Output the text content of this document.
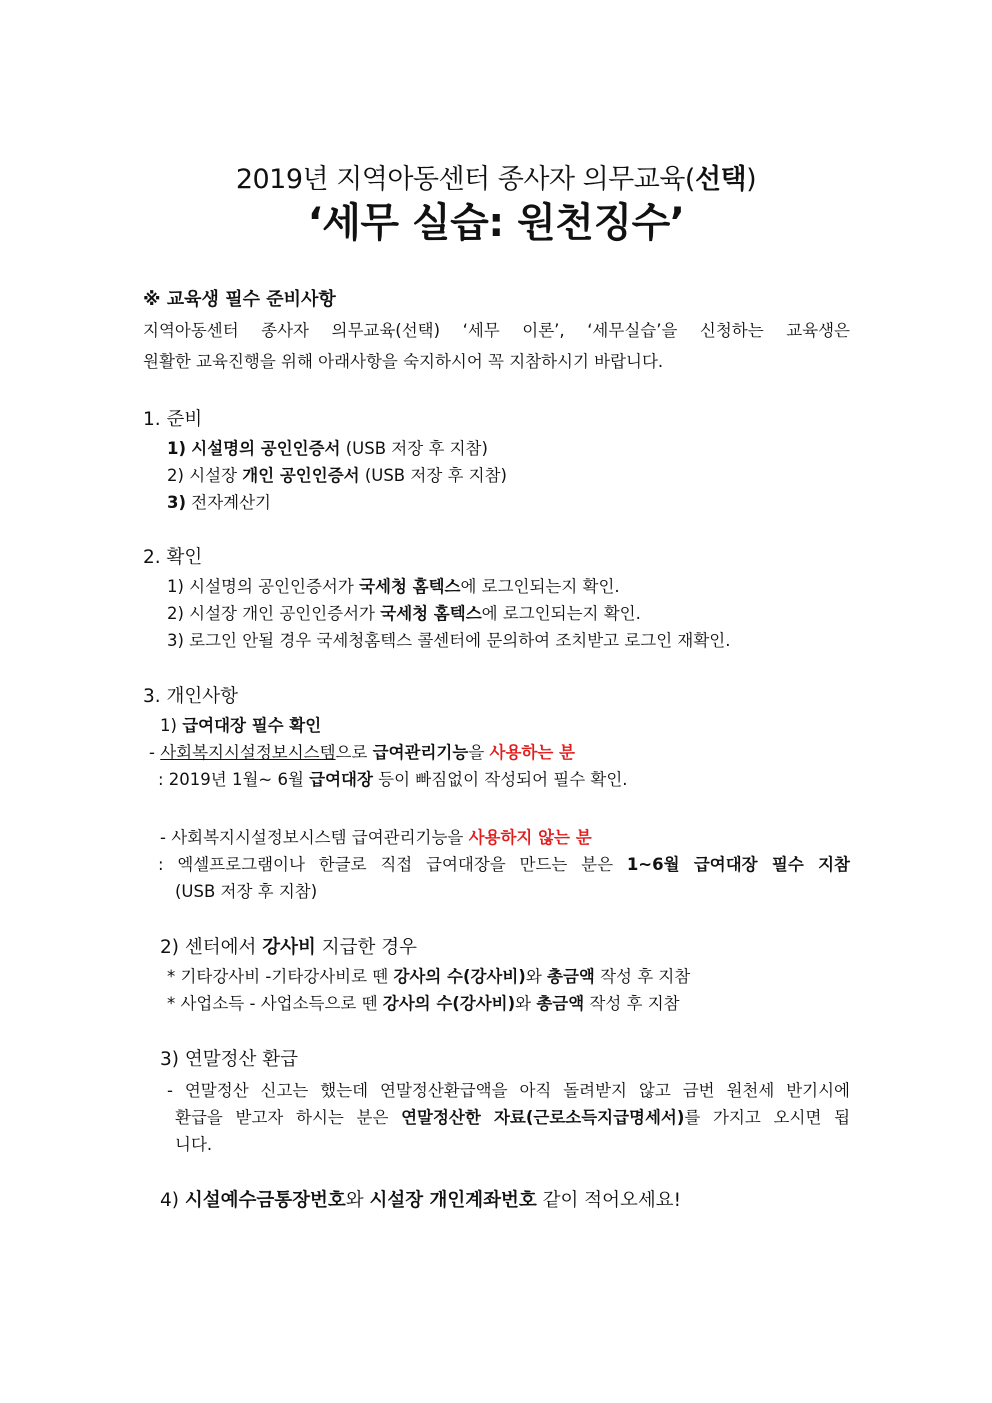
2019년 지역아동센터 종사자 의무교육(선택)
‘세무 실습: 원천징수’
※ 교육생 필수 준비사항
지역아동센터 종사자 의무교육(선택) ‘세무 이론’, ‘세무실습’을 신청하는 교육생은
원활한 교육진행을 위해 아래사항을 숙지하시어 꼭 지참하시기 바랍니다.
1. 준비
1) 시설명의 공인인증서 (USB 저장 후 지참)
2) 시설장 개인 공인인증서 (USB 저장 후 지참)
3) 전자계산기
2. 확인
1) 시설명의 공인인증서가 국세청 홈텍스에 로그인되는지 확인.
2) 시설장 개인 공인인증서가 국세청 홈텍스에 로그인되는지 확인.
3) 로그인 안될 경우 국세청홈텍스 콜센터에 문의하여 조치받고 로그인 재확인.
3. 개인사항
1) 급여대장 필수 확인
- 사회복지시설정보시스템으로 급여관리기능을 사용하는 분
: 2019년 1월~ 6월 급여대장 등이 빠짐없이 작성되어 필수 확인.
- 사회복지시설정보시스템 급여관리기능을 사용하지 않는 분
: 엑셀프로그램이나 한글로 직접 급여대장을 만드는 분은 1~6월 급여대장 필수 지참
(USB 저장 후 지참)
2) 센터에서 강사비 지급한 경우
* 기타강사비 -기타강사비로 뗀 강사의 수(강사비)와 총금액 작성 후 지참
* 사업소득 - 사업소득으로 뗀 강사의 수(강사비)와 총금액 작성 후 지참
3) 연말정산 환급
- 연말정산 신고는 했는데 연말정산환급액을 아직 돌려받지 않고 금번 원천세 반기시에
환급을 받고자 하시는 분은 연말정산한 자료(근로소득지급명세서)를 가지고 오시면 됩
니다.
4) 시설예수금통장번호와 시설장 개인계좌번호 같이 적어오세요!
